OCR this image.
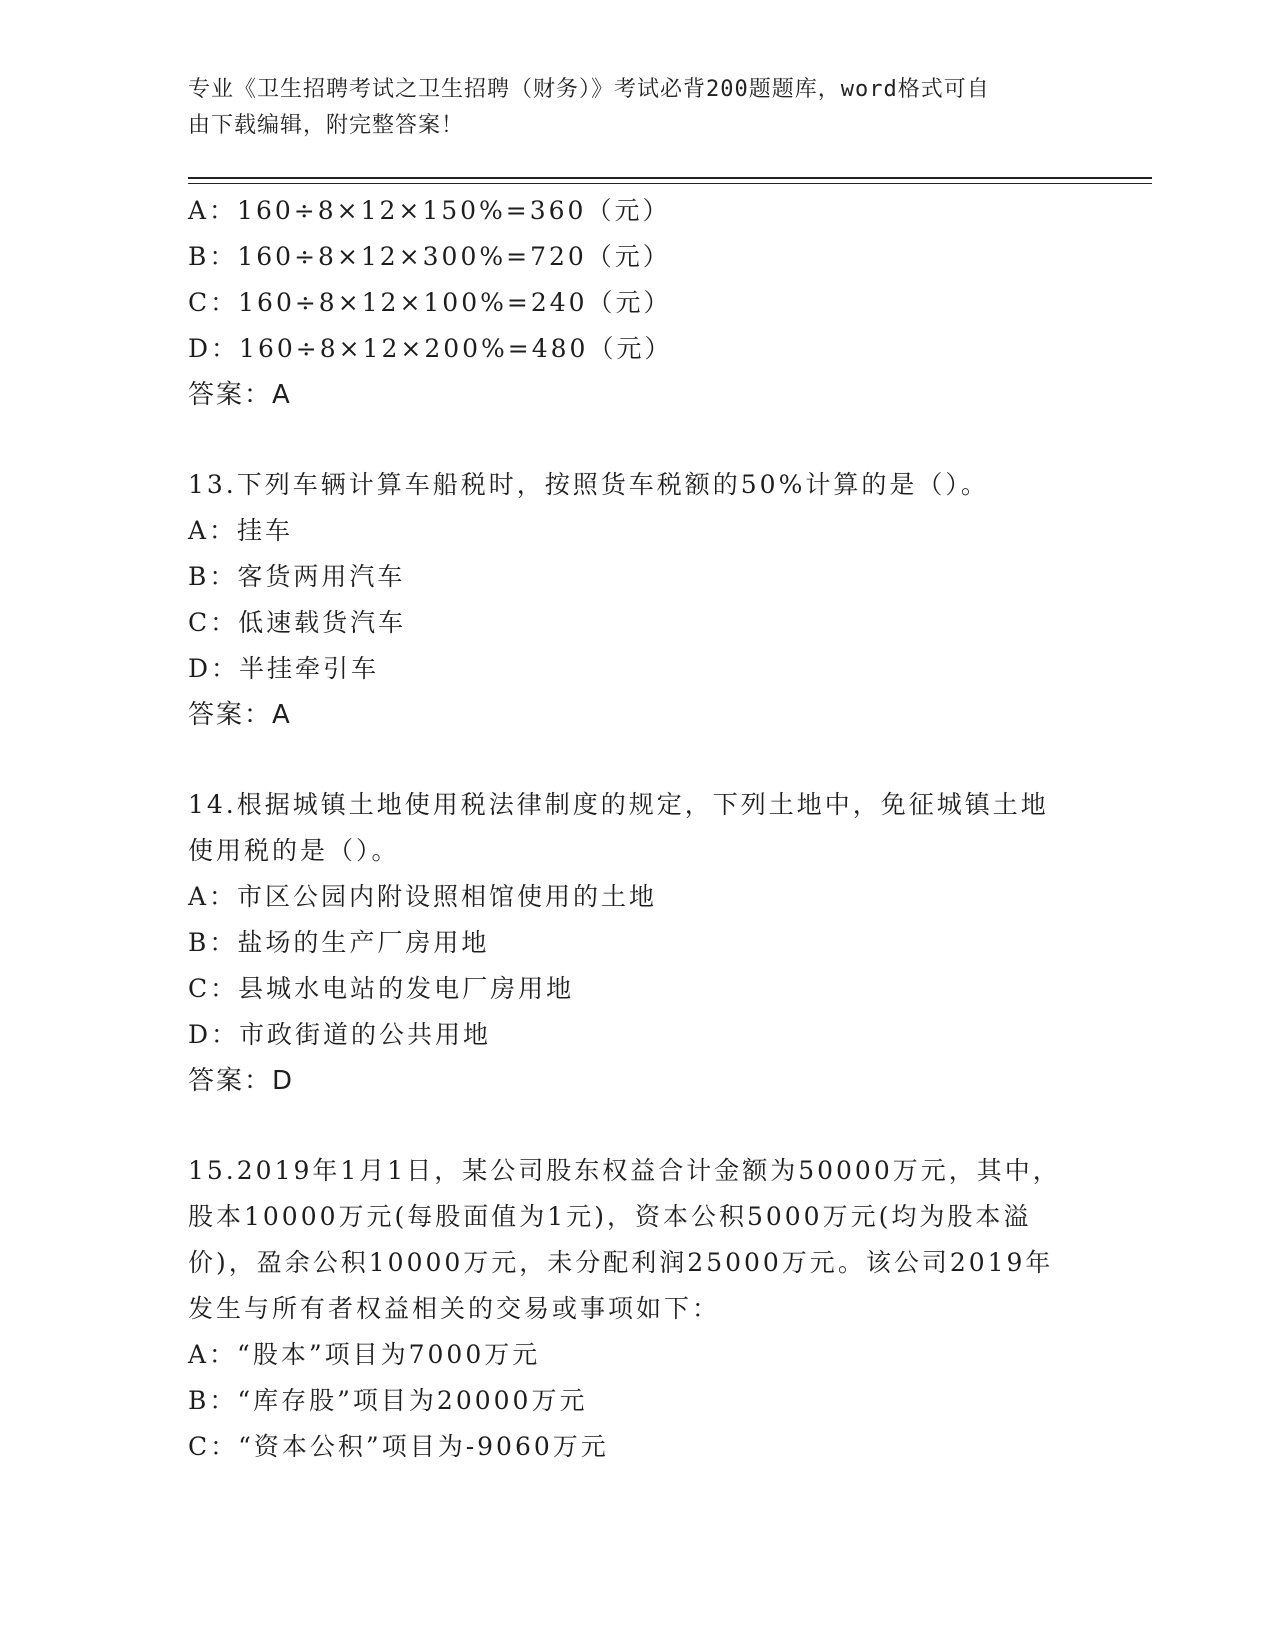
专业《卫生招聘考试之卫生招聘（财务）》考试必背200题题库，word格式可自
由下载编辑，附完整答案！
A：160÷8×12×150%=360（元）
B：160÷8×12×300%=720（元）
C：160÷8×12×100%=240（元）
D：160÷8×12×200%=480（元）
答案：A
13.下列车辆计算车船税时，按照货车税额的50%计算的是（）。
A：挂车
B：客货两用汽车
C：低速载货汽车
D：半挂牵引车
答案：A
14.根据城镇土地使用税法律制度的规定，下列土地中，免征城镇土地
使用税的是（）。
A：市区公园内附设照相馆使用的土地
B：盐场的生产厂房用地
C：县城水电站的发电厂房用地
D：市政街道的公共用地
答案：D
15.2019年1月1日，某公司股东权益合计金额为50000万元，其中，
股本10000万元(每股面值为1元)，资本公积5000万元(均为股本溢
价)，盈余公积10000万元，未分配利润25000万元。该公司2019年
发生与所有者权益相关的交易或事项如下：
A：“股本”项目为7000万元
B：“库存股”项目为20000万元
C：“资本公积”项目为-9060万元
